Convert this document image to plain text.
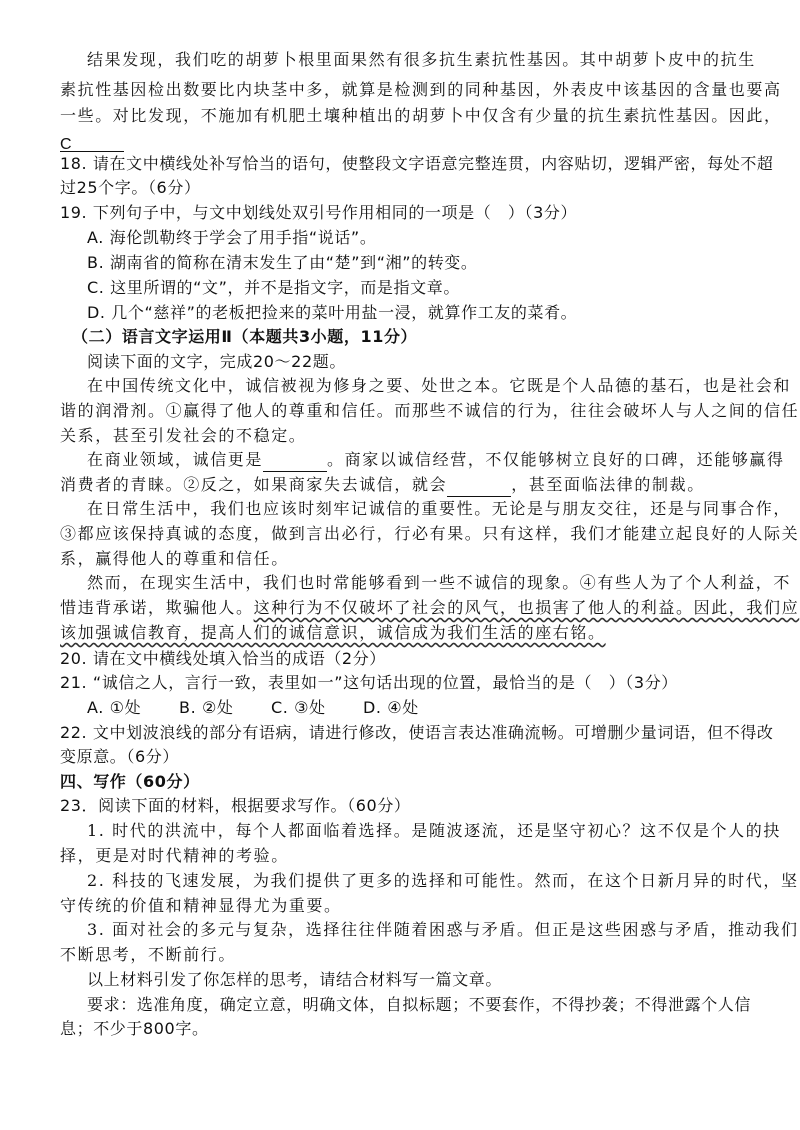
结果发现，我们吃的胡萝卜根里面果然有很多抗生素抗性基因。其中胡萝卜皮中的抗生
素抗性基因检出数要比内块茎中多，就算是检测到的同种基因，外表皮中该基因的含量也要高
一些。对比发现，不施加有机肥土壤种植出的胡萝卜中仅含有少量的抗生素抗性基因。因此，
C
18. 请在文中横线处补写恰当的语句，使整段文字语意完整连贯，内容贴切，逻辑严密，每处不超
过25个字。（6分）
19. 下列句子中，与文中划线处双引号作用相同的一项是（　）（3分）
A. 海伦凯勒终于学会了用手指“说话”。
B. 湖南省的简称在清末发生了由“楚”到“湘”的转变。
C. 这里所谓的“文”，并不是指文字，而是指文章。
D. 几个“慈祥”的老板把捡来的菜叶用盐一浸，就算作工友的菜肴。
（二）语言文字运用Ⅱ（本题共3小题，11分）
阅读下面的文字，完成20～22题。
在中国传统文化中，诚信被视为修身之要、处世之本。它既是个人品德的基石，也是社会和
谐的润滑剂。①赢得了他人的尊重和信任。而那些不诚信的行为，往往会破坏人与人之间的信任
关系，甚至引发社会的不稳定。
在商业领域，诚信更是	。商家以诚信经营，不仅能够树立良好的口碑，还能够赢得
消费者的青睐。②反之，如果商家失去诚信，就会	，甚至面临法律的制裁。
在日常生活中，我们也应该时刻牢记诚信的重要性。无论是与朋友交往，还是与同事合作，
③都应该保持真诚的态度，做到言出必行，行必有果。只有这样，我们才能建立起良好的人际关
系，赢得他人的尊重和信任。
然而，在现实生活中，我们也时常能够看到一些不诚信的现象。④有些人为了个人利益，不
惜违背承诺，欺骗他人。这种行为不仅破坏了社会的风气，也损害了他人的利益。因此，我们应
该加强诚信教育，提高人们的诚信意识，诚信成为我们生活的座右铭。
20. 请在文中横线处填入恰当的成语（2分）
21. “诚信之人，言行一致，表里如一”这句话出现的位置，最恰当的是（　）（3分）
A. ①处 B. ②处 C. ③处 D. ④处
22. 文中划波浪线的部分有语病，请进行修改，使语言表达准确流畅。可增删少量词语，但不得改
变原意。（6分）
四、写作（60分）
23．阅读下面的材料，根据要求写作。（60分）
1. 时代的洪流中，每个人都面临着选择。是随波逐流，还是坚守初心？这不仅是个人的抉
择，更是对时代精神的考验。
2. 科技的飞速发展，为我们提供了更多的选择和可能性。然而，在这个日新月异的时代，坚
守传统的价值和精神显得尤为重要。
3. 面对社会的多元与复杂，选择往往伴随着困惑与矛盾。但正是这些困惑与矛盾，推动我们
不断思考，不断前行。
以上材料引发了你怎样的思考，请结合材料写一篇文章。
要求：选准角度，确定立意，明确文体，自拟标题；不要套作，不得抄袭；不得泄露个人信
息；不少于800字。
